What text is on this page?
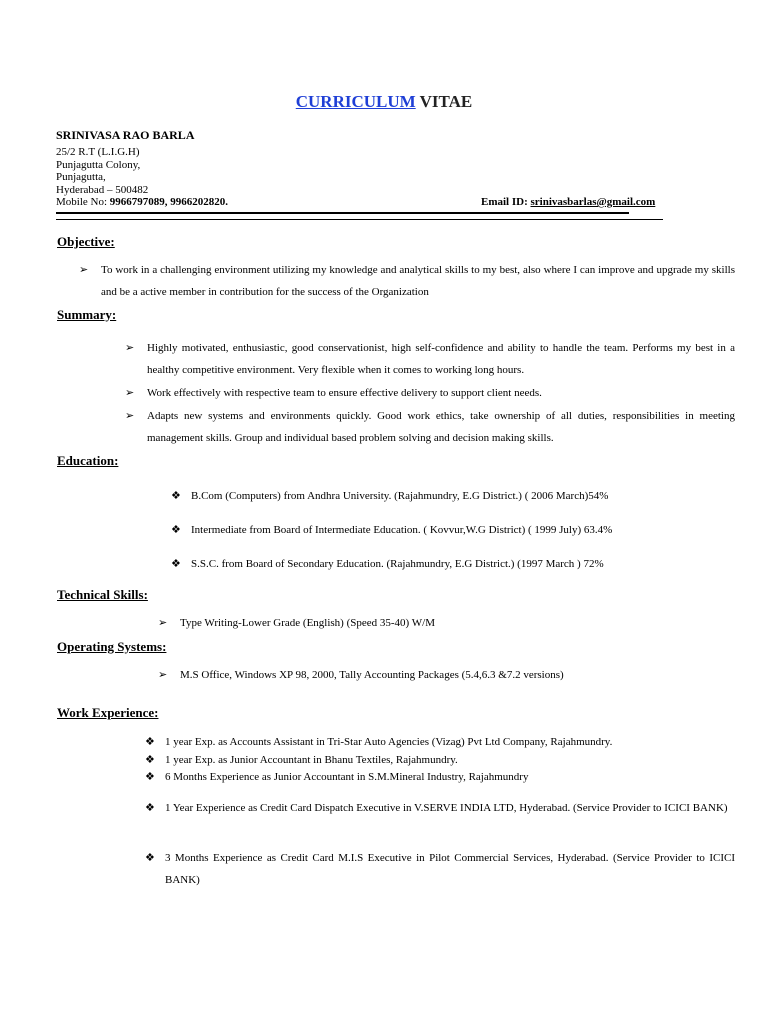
CURRICULUM VITAE
SRINIVASA RAO BARLA
25/2 R.T (L.I.G.H)
Punjagutta Colony,
Punjagutta,
Hyderabad – 500482
Mobile No: 9966797089, 9966202820.	Email ID: srinivasbarlas@gmail.com
Objective:
➢ To work in a challenging environment utilizing my knowledge and analytical skills to my best, also where I can improve and upgrade my skills and be a active member in contribution for the success of the Organization
Summary:
➢ Highly motivated, enthusiastic, good conservationist, high self-confidence and ability to handle the team. Performs my best in a healthy competitive environment. Very flexible when it comes to working long hours.
➢ Work effectively with respective team to ensure effective delivery to support client needs.
➢ Adapts new systems and environments quickly. Good work ethics, take ownership of all duties, responsibilities in meeting management skills. Group and individual based problem solving and decision making skills.
Education:
❖ B.Com (Computers) from Andhra University. (Rajahmundry, E.G District.) ( 2006 March)54%
❖ Intermediate from Board of Intermediate Education. ( Kovvur,W.G District) ( 1999 July) 63.4%
❖ S.S.C. from Board of Secondary Education. (Rajahmundry, E.G District.) (1997 March ) 72%
Technical Skills:
➢ Type Writing-Lower Grade (English) (Speed 35-40) W/M
Operating Systems:
➢ M.S Office, Windows XP 98, 2000, Tally Accounting Packages (5.4,6.3 &7.2 versions)
Work Experience:
❖ 1 year Exp. as Accounts Assistant in Tri-Star Auto Agencies (Vizag) Pvt Ltd Company, Rajahmundry.
❖ 1 year Exp. as Junior Accountant in Bhanu Textiles, Rajahmundry.
❖ 6 Months Experience as Junior Accountant in S.M.Mineral Industry, Rajahmundry
❖ 1 Year Experience as Credit Card Dispatch Executive in V.SERVE INDIA LTD, Hyderabad. (Service Provider to ICICI BANK)
❖ 3 Months Experience as Credit Card M.I.S Executive in Pilot Commercial Services, Hyderabad. (Service Provider to ICICI BANK)
